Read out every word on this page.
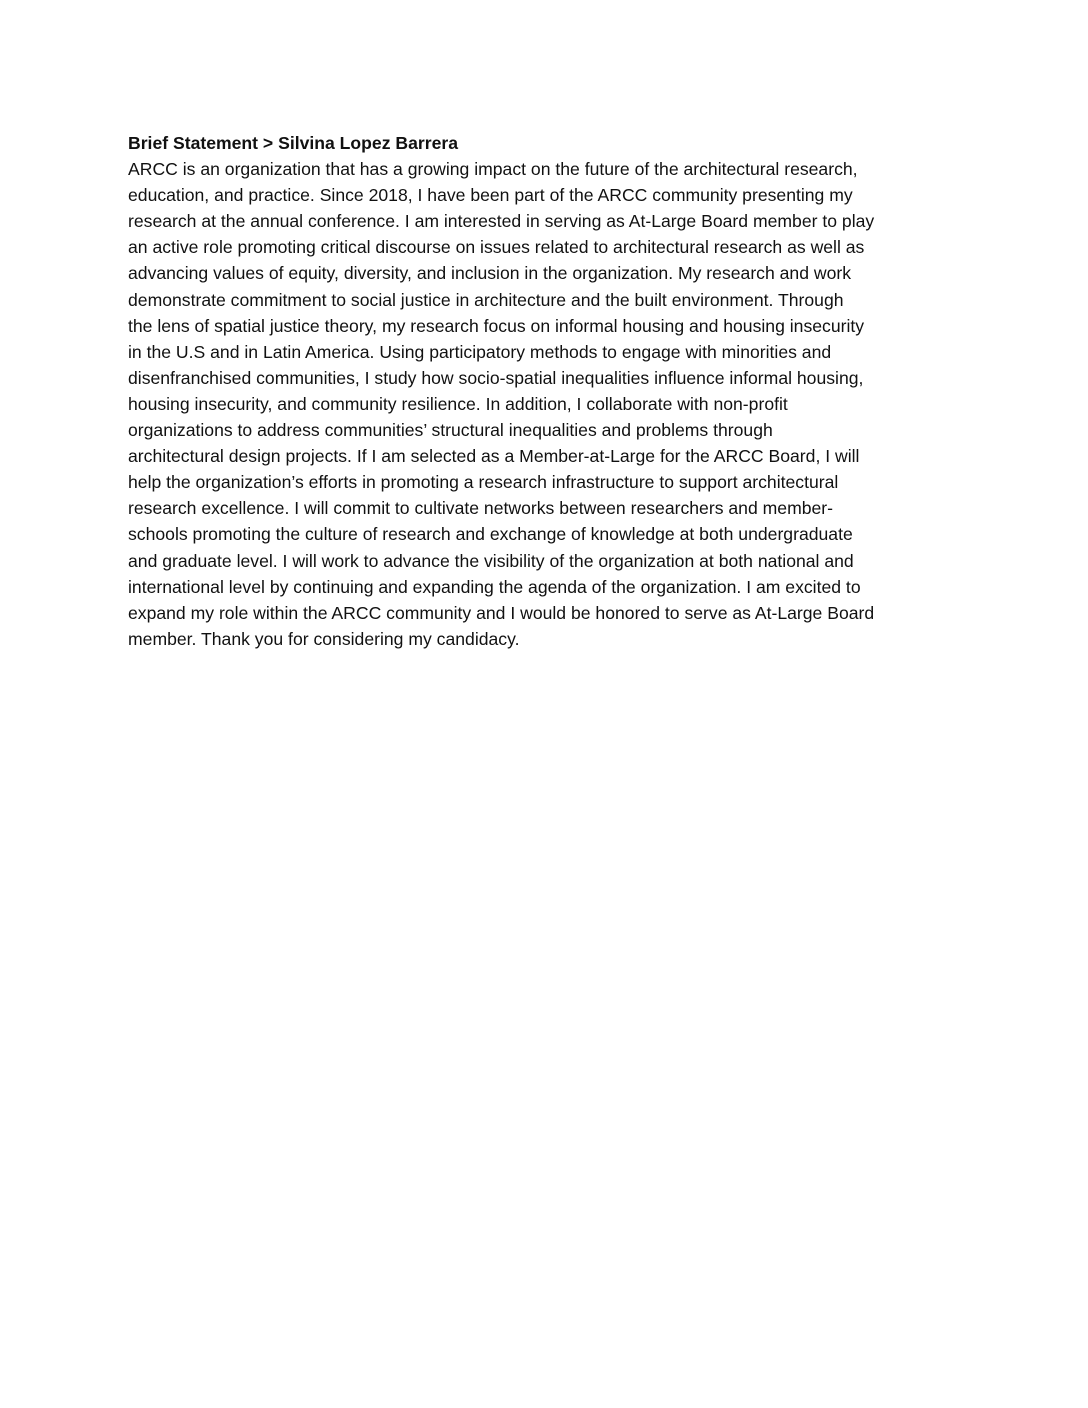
Brief Statement > Silvina Lopez Barrera

ARCC is an organization that has a growing impact on the future of the architectural research,
education, and practice. Since 2018, I have been part of the ARCC community presenting my
research at the annual conference. I am interested in serving as At-Large Board member to play
an active role promoting critical discourse on issues related to architectural research as well as
advancing values of equity, diversity, and inclusion in the organization. My research and work
demonstrate commitment to social justice in architecture and the built environment. Through
the lens of spatial justice theory, my research focus on informal housing and housing insecurity
in the U.S and in Latin America. Using participatory methods to engage with minorities and
disenfranchised communities, I study how socio-spatial inequalities influence informal housing,
housing insecurity, and community resilience. In addition, I collaborate with non-profit
organizations to address communities’ structural inequalities and problems through
architectural design projects. If I am selected as a Member-at-Large for the ARCC Board, I will
help the organization’s efforts in promoting a research infrastructure to support architectural
research excellence. I will commit to cultivate networks between researchers and member-
schools promoting the culture of research and exchange of knowledge at both undergraduate
and graduate level. I will work to advance the visibility of the organization at both national and
international level by continuing and expanding the agenda of the organization. I am excited to
expand my role within the ARCC community and I would be honored to serve as At-Large Board
member. Thank you for considering my candidacy.
